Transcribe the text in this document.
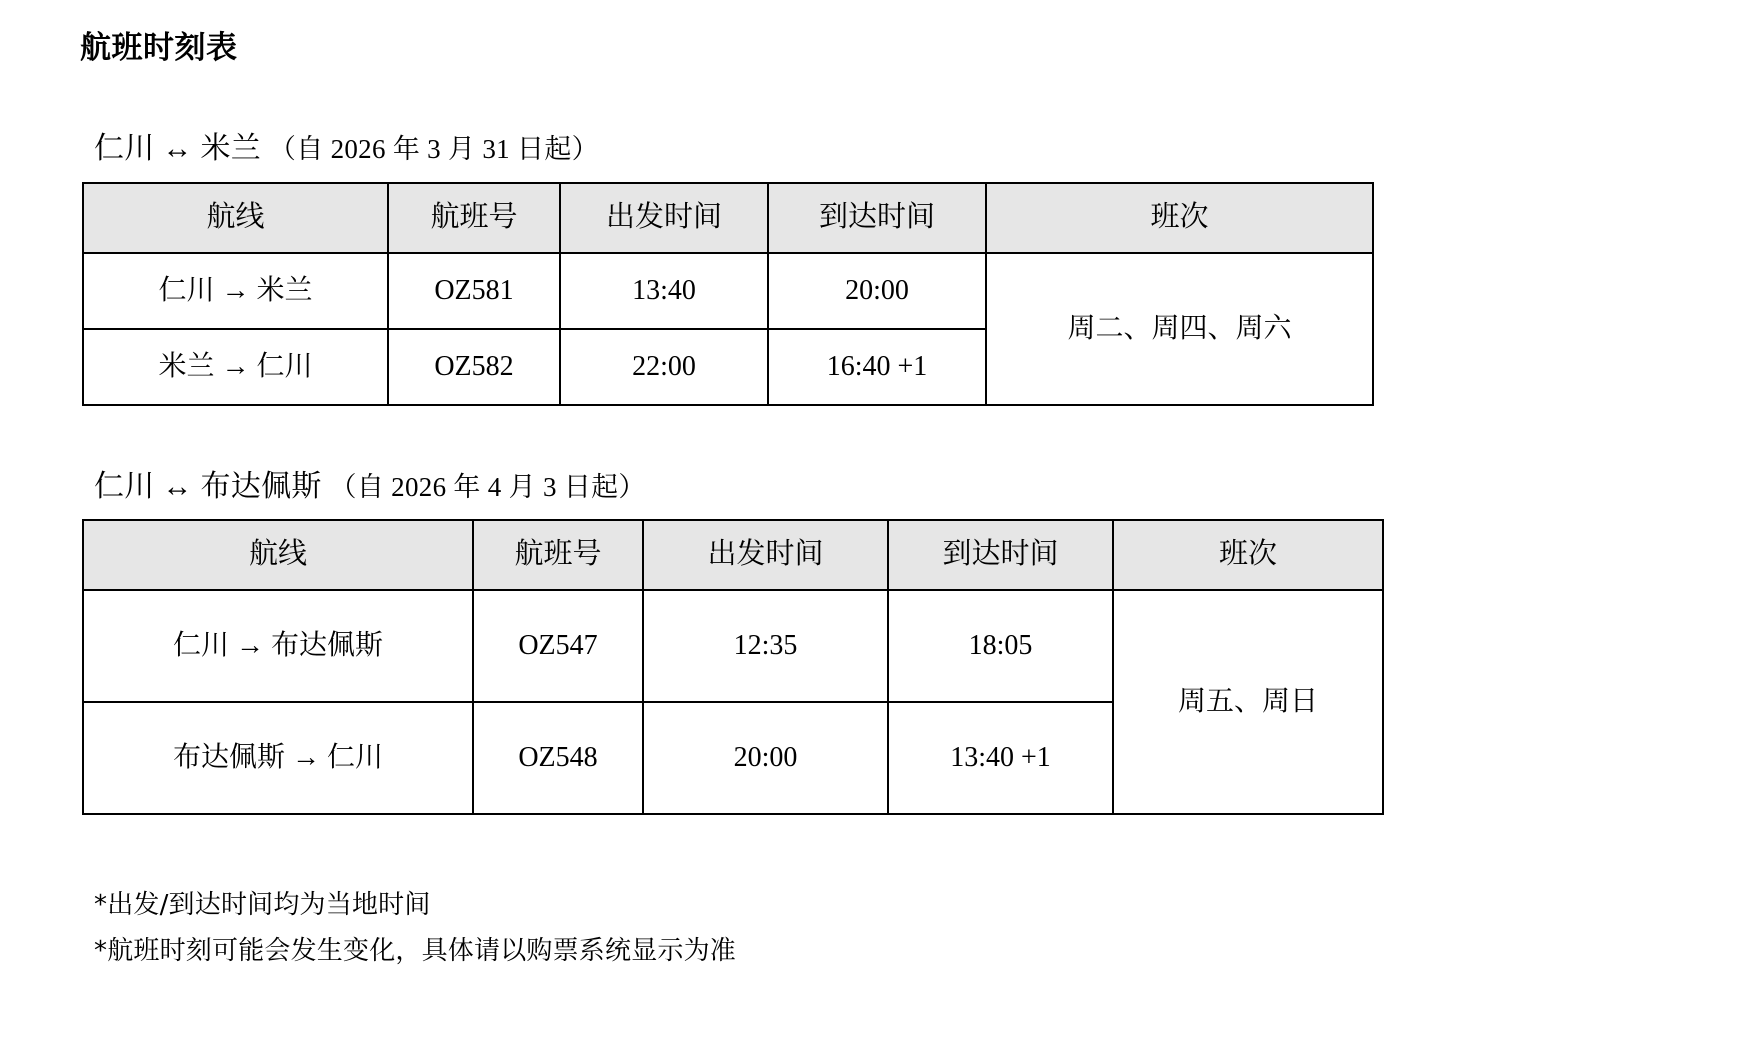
航班时刻表
仁川 ↔ 米兰 （自 2026 年 3 月 31 日起）
航线	航班号	出发时间	到达时间	班次
仁川 → 米兰	OZ581	13:40	20:00	周二、周四、周六
米兰 → 仁川	OZ582	22:00	16:40 +1	
仁川 ↔ 布达佩斯 （自 2026 年 4 月 3 日起）
航线	航班号	出发时间	到达时间	班次
仁川 → 布达佩斯	OZ547	12:35	18:05	周五、周日
布达佩斯 → 仁川	OZ548	20:00	13:40 +1	
*出发/到达时间均为当地时间
*航班时刻可能会发生变化，具体请以购票系统显示为准
